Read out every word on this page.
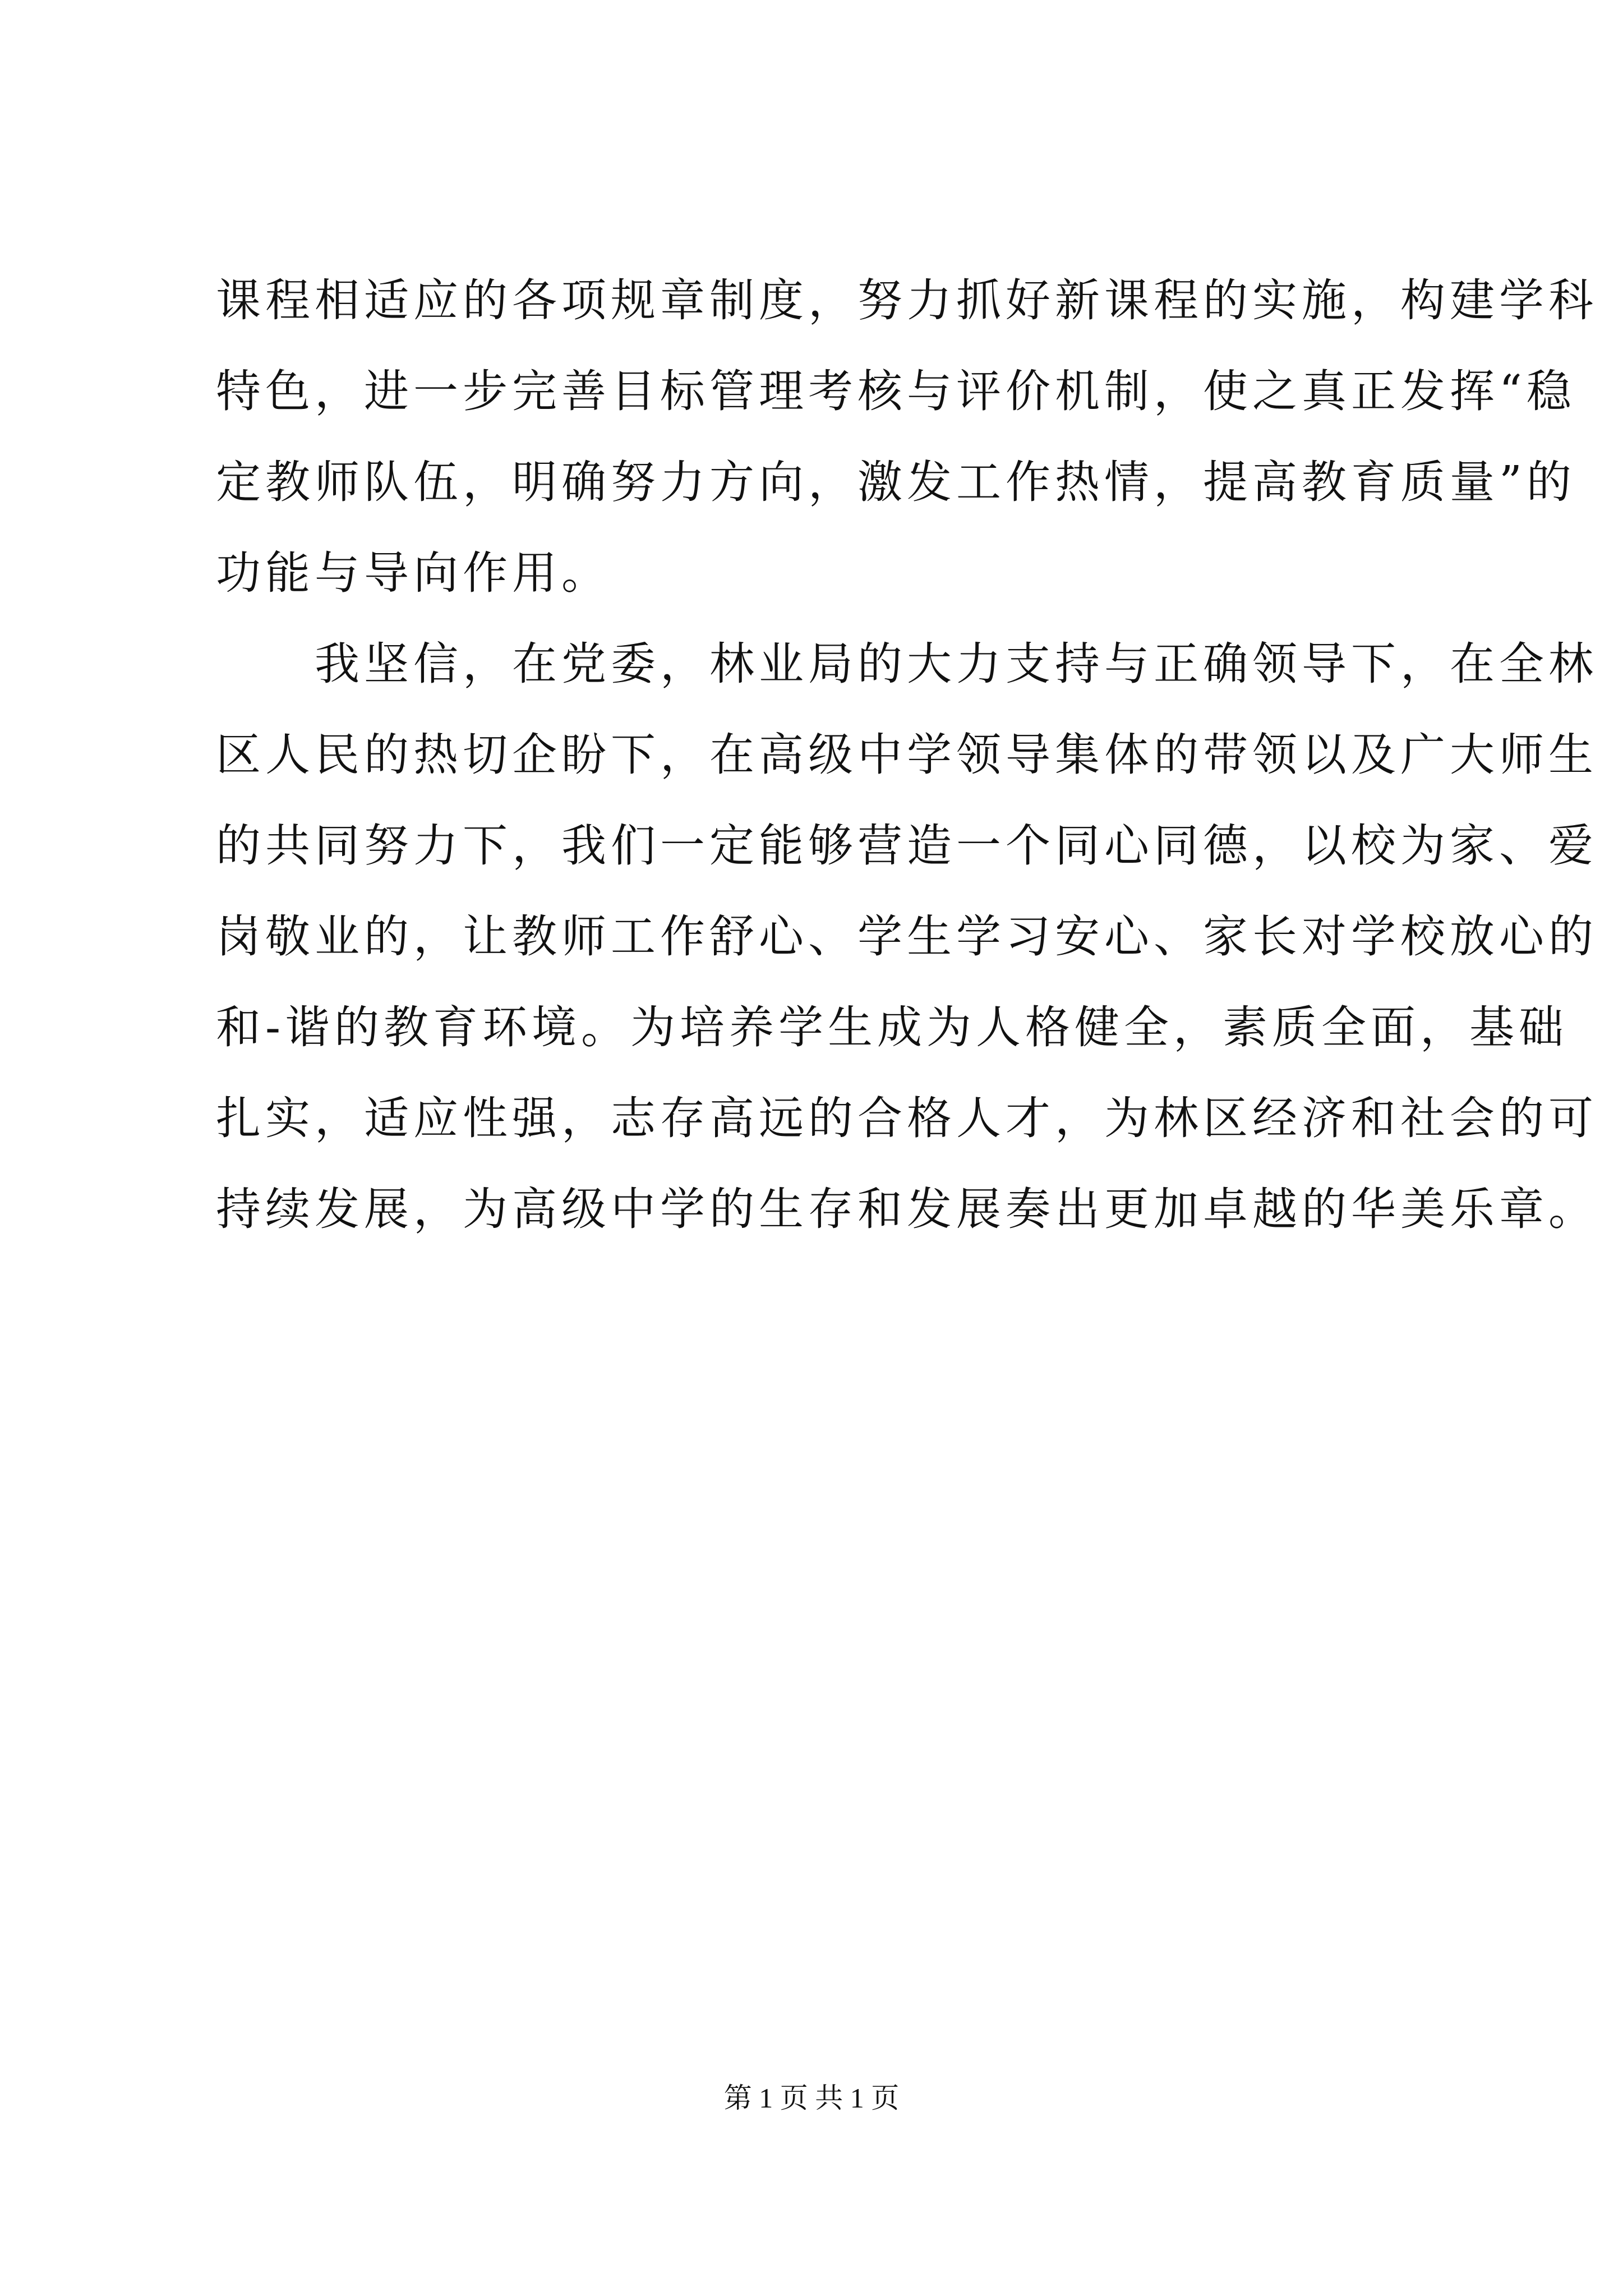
课程相适应的各项规章制度，努力抓好新课程的实施，构建学科
特色，进一步完善目标管理考核与评价机制，使之真正发挥“稳
定教师队伍，明确努力方向，激发工作热情，提高教育质量”的
功能与导向作用。
　　我坚信，在党委，林业局的大力支持与正确领导下，在全林
区人民的热切企盼下，在高级中学领导集体的带领以及广大师生
的共同努力下，我们一定能够营造一个同心同德，以校为家、爱
岗敬业的，让教师工作舒心、学生学习安心、家长对学校放心的
和-谐的教育环境。为培养学生成为人格健全，素质全面，基础
扎实，适应性强，志存高远的合格人才，为林区经济和社会的可
持续发展，为高级中学的生存和发展奏出更加卓越的华美乐章。
第 1 页 共 1 页
